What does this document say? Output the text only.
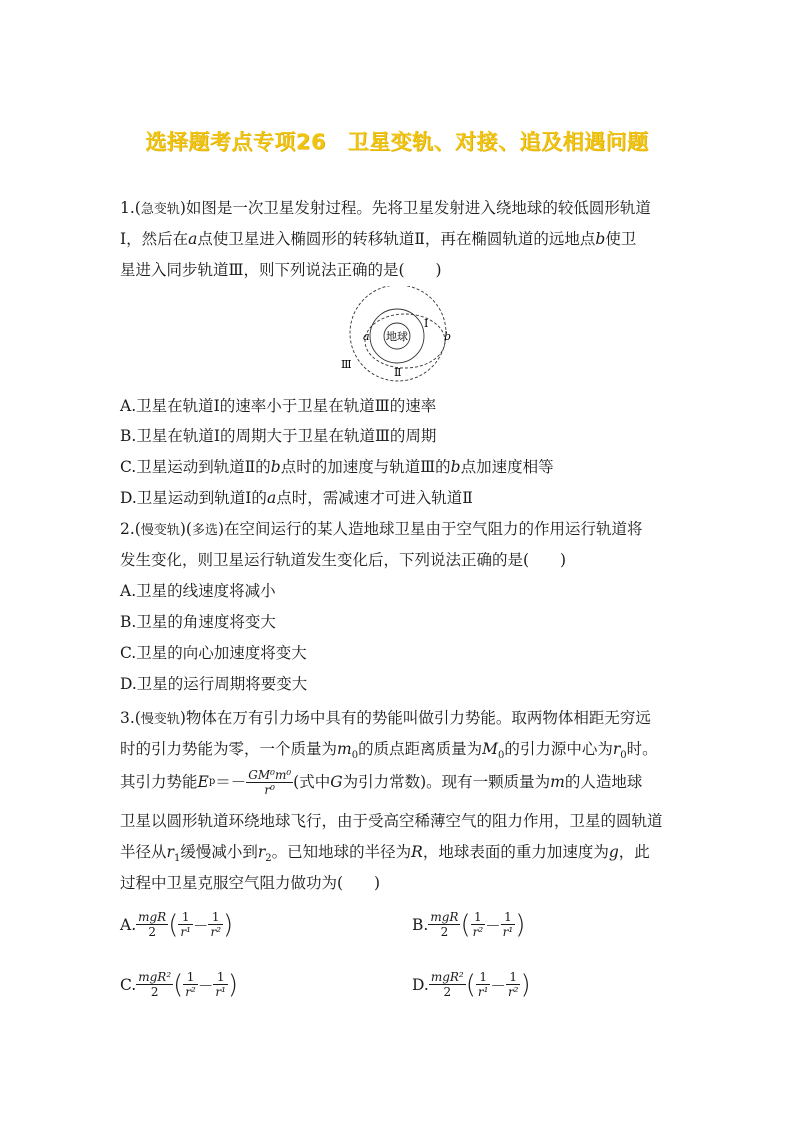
选择题考点专项26　卫星变轨、对接、追及相遇问题
1.(急变轨)如图是一次卫星发射过程。先将卫星发射进入绕地球的较低圆形轨道
Ⅰ，然后在a点使卫星进入椭圆形的转移轨道Ⅱ，再在椭圆轨道的远地点b使卫
星进入同步轨道Ⅲ，则下列说法正确的是(　　)
地球
a	b
Ⅰ
Ⅱ
Ⅲ
A.卫星在轨道Ⅰ的速率小于卫星在轨道Ⅲ的速率
B.卫星在轨道Ⅰ的周期大于卫星在轨道Ⅲ的周期
C.卫星运动到轨道Ⅱ的b点时的加速度与轨道Ⅲ的b点加速度相等
D.卫星运动到轨道Ⅰ的a点时，需减速才可进入轨道Ⅱ
2.(慢变轨)(多选)在空间运行的某人造地球卫星由于空气阻力的作用运行轨道将
发生变化，则卫星运行轨道发生变化后，下列说法正确的是(　　)
A.卫星的线速度将减小
B.卫星的角速度将变大
C.卫星的向心加速度将变大
D.卫星的运行周期将要变大
3.(慢变轨)物体在万有引力场中具有的势能叫做引力势能。取两物体相距无穷远
时的引力势能为零，一个质量为$m_0$的质点距离质量为$M_0$的引力源中心为$r_0$时。
其引力势能 E $p =- \frac{\text{GM⁰m⁰}}{\text{r⁰}}$ (式中 G 为引力常数)。现有一颗质量为 m 的人造地球
卫星以圆形轨道环绕地球飞行，由于受高空稀薄空气的阻力作用，卫星的圆轨道
半径从$r_1$缓慢减小到$r_2$。已知地球的半径为R，地球表面的重力加速度为g，此
过程中卫星克服空气阻力做功为(　　)
A. $\frac{\text{mgR}}{2}$ ( $\frac{1}{\text{r¹}} - \frac{1}{\text{r²}}$ )	B. $\frac{\text{mgR}}{2}$ ( $\frac{1}{\text{r²}} - \frac{1}{\text{r¹}}$ )
C. $\frac{\text{mgR²}}{2}$ ( $\frac{1}{\text{r²}} - \frac{1}{\text{r¹}}$ )	D. $\frac{\text{mgR²}}{2}$ ( $\frac{1}{\text{r¹}} - \frac{1}{\text{r²}}$ )
